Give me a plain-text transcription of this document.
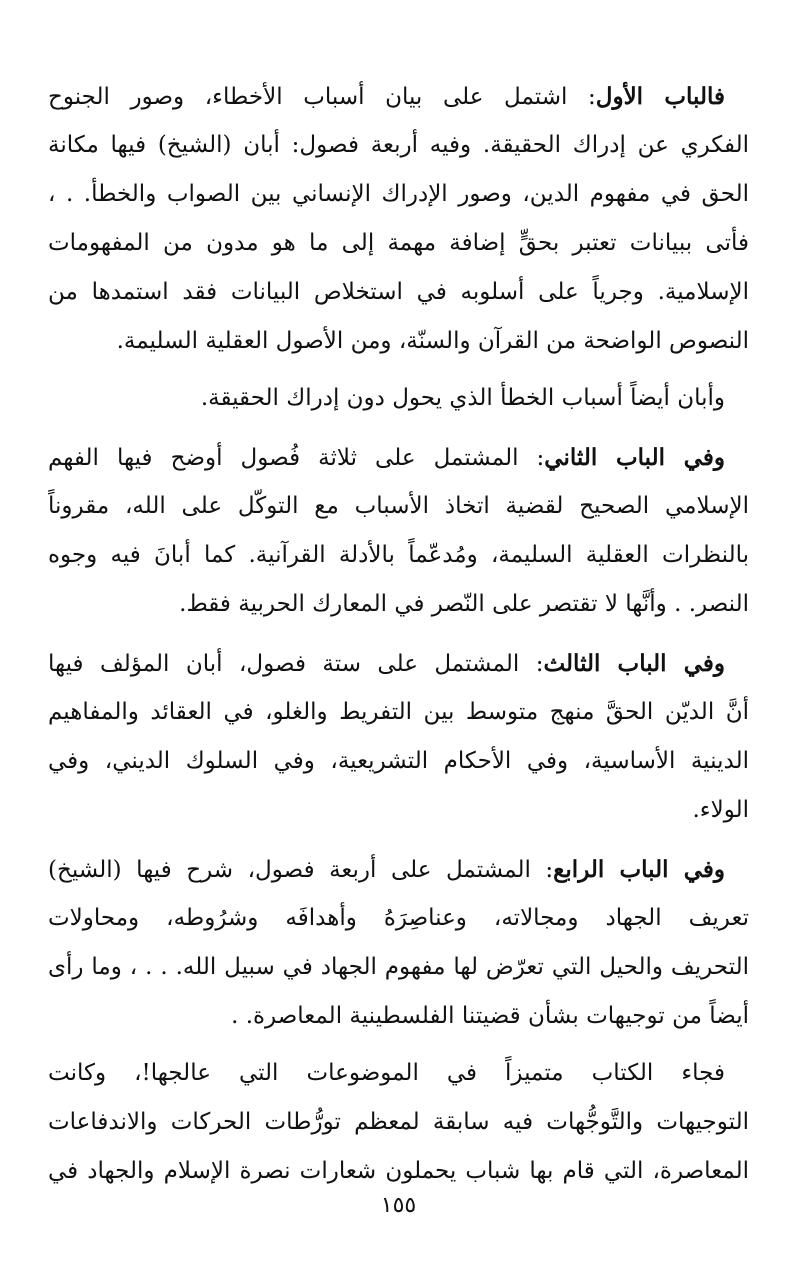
فالباب الأول: اشتمل على بيان أسباب الأخطاء، وصور الجنوح
الفكري عن إدراك الحقيقة. وفيه أربعة فصول: أبان (الشيخ) فيها مكانة
الحق في مفهوم الدين، وصور الإدراك الإنساني بين الصواب والخطأ. . ،
فأتى ببيانات تعتبر بحقٍّ إضافة مهمة إلى ما هو مدون من المفهومات
الإسلامية. وجرياً على أسلوبه في استخلاص البيانات فقد استمدها من
النصوص الواضحة من القرآن والسنّة، ومن الأصول العقلية السليمة.
وأبان أيضاً أسباب الخطأ الذي يحول دون إدراك الحقيقة.
وفي الباب الثاني: المشتمل على ثلاثة فُصول أوضح فيها الفهم
الإسلامي الصحيح لقضية اتخاذ الأسباب مع التوكّل على الله، مقروناً
بالنظرات العقلية السليمة، ومُدعّماً بالأدلة القرآنية. كما أبانَ فيه وجوه
النصر. . وأنَّها لا تقتصر على النّصر في المعارك الحربية فقط.
وفي الباب الثالث: المشتمل على ستة فصول، أبان المؤلف فيها
أنَّ الديّن الحقَّ منهج متوسط بين التفريط والغلو، في العقائد والمفاهيم
الدينية الأساسية، وفي الأحكام التشريعية، وفي السلوك الديني، وفي
الولاء.
وفي الباب الرابع: المشتمل على أربعة فصول، شرح فيها (الشيخ)
تعريف الجهاد ومجالاته، وعناصِرَهُ وأهدافَه وشرُوطه، ومحاولات
التحريف والحيل التي تعرّض لها مفهوم الجهاد في سبيل الله. . . ، وما رأى
أيضاً من توجيهات بشأن قضيتنا الفلسطينية المعاصرة. .
فجاء الكتاب متميزاً في الموضوعات التي عالجها!، وكانت
التوجيهات والتَّوجُّهات فيه سابقة لمعظم تورُّطات الحركات والاندفاعات
المعاصرة، التي قام بها شباب يحملون شعارات نصرة الإسلام والجهاد في
١٥٥
